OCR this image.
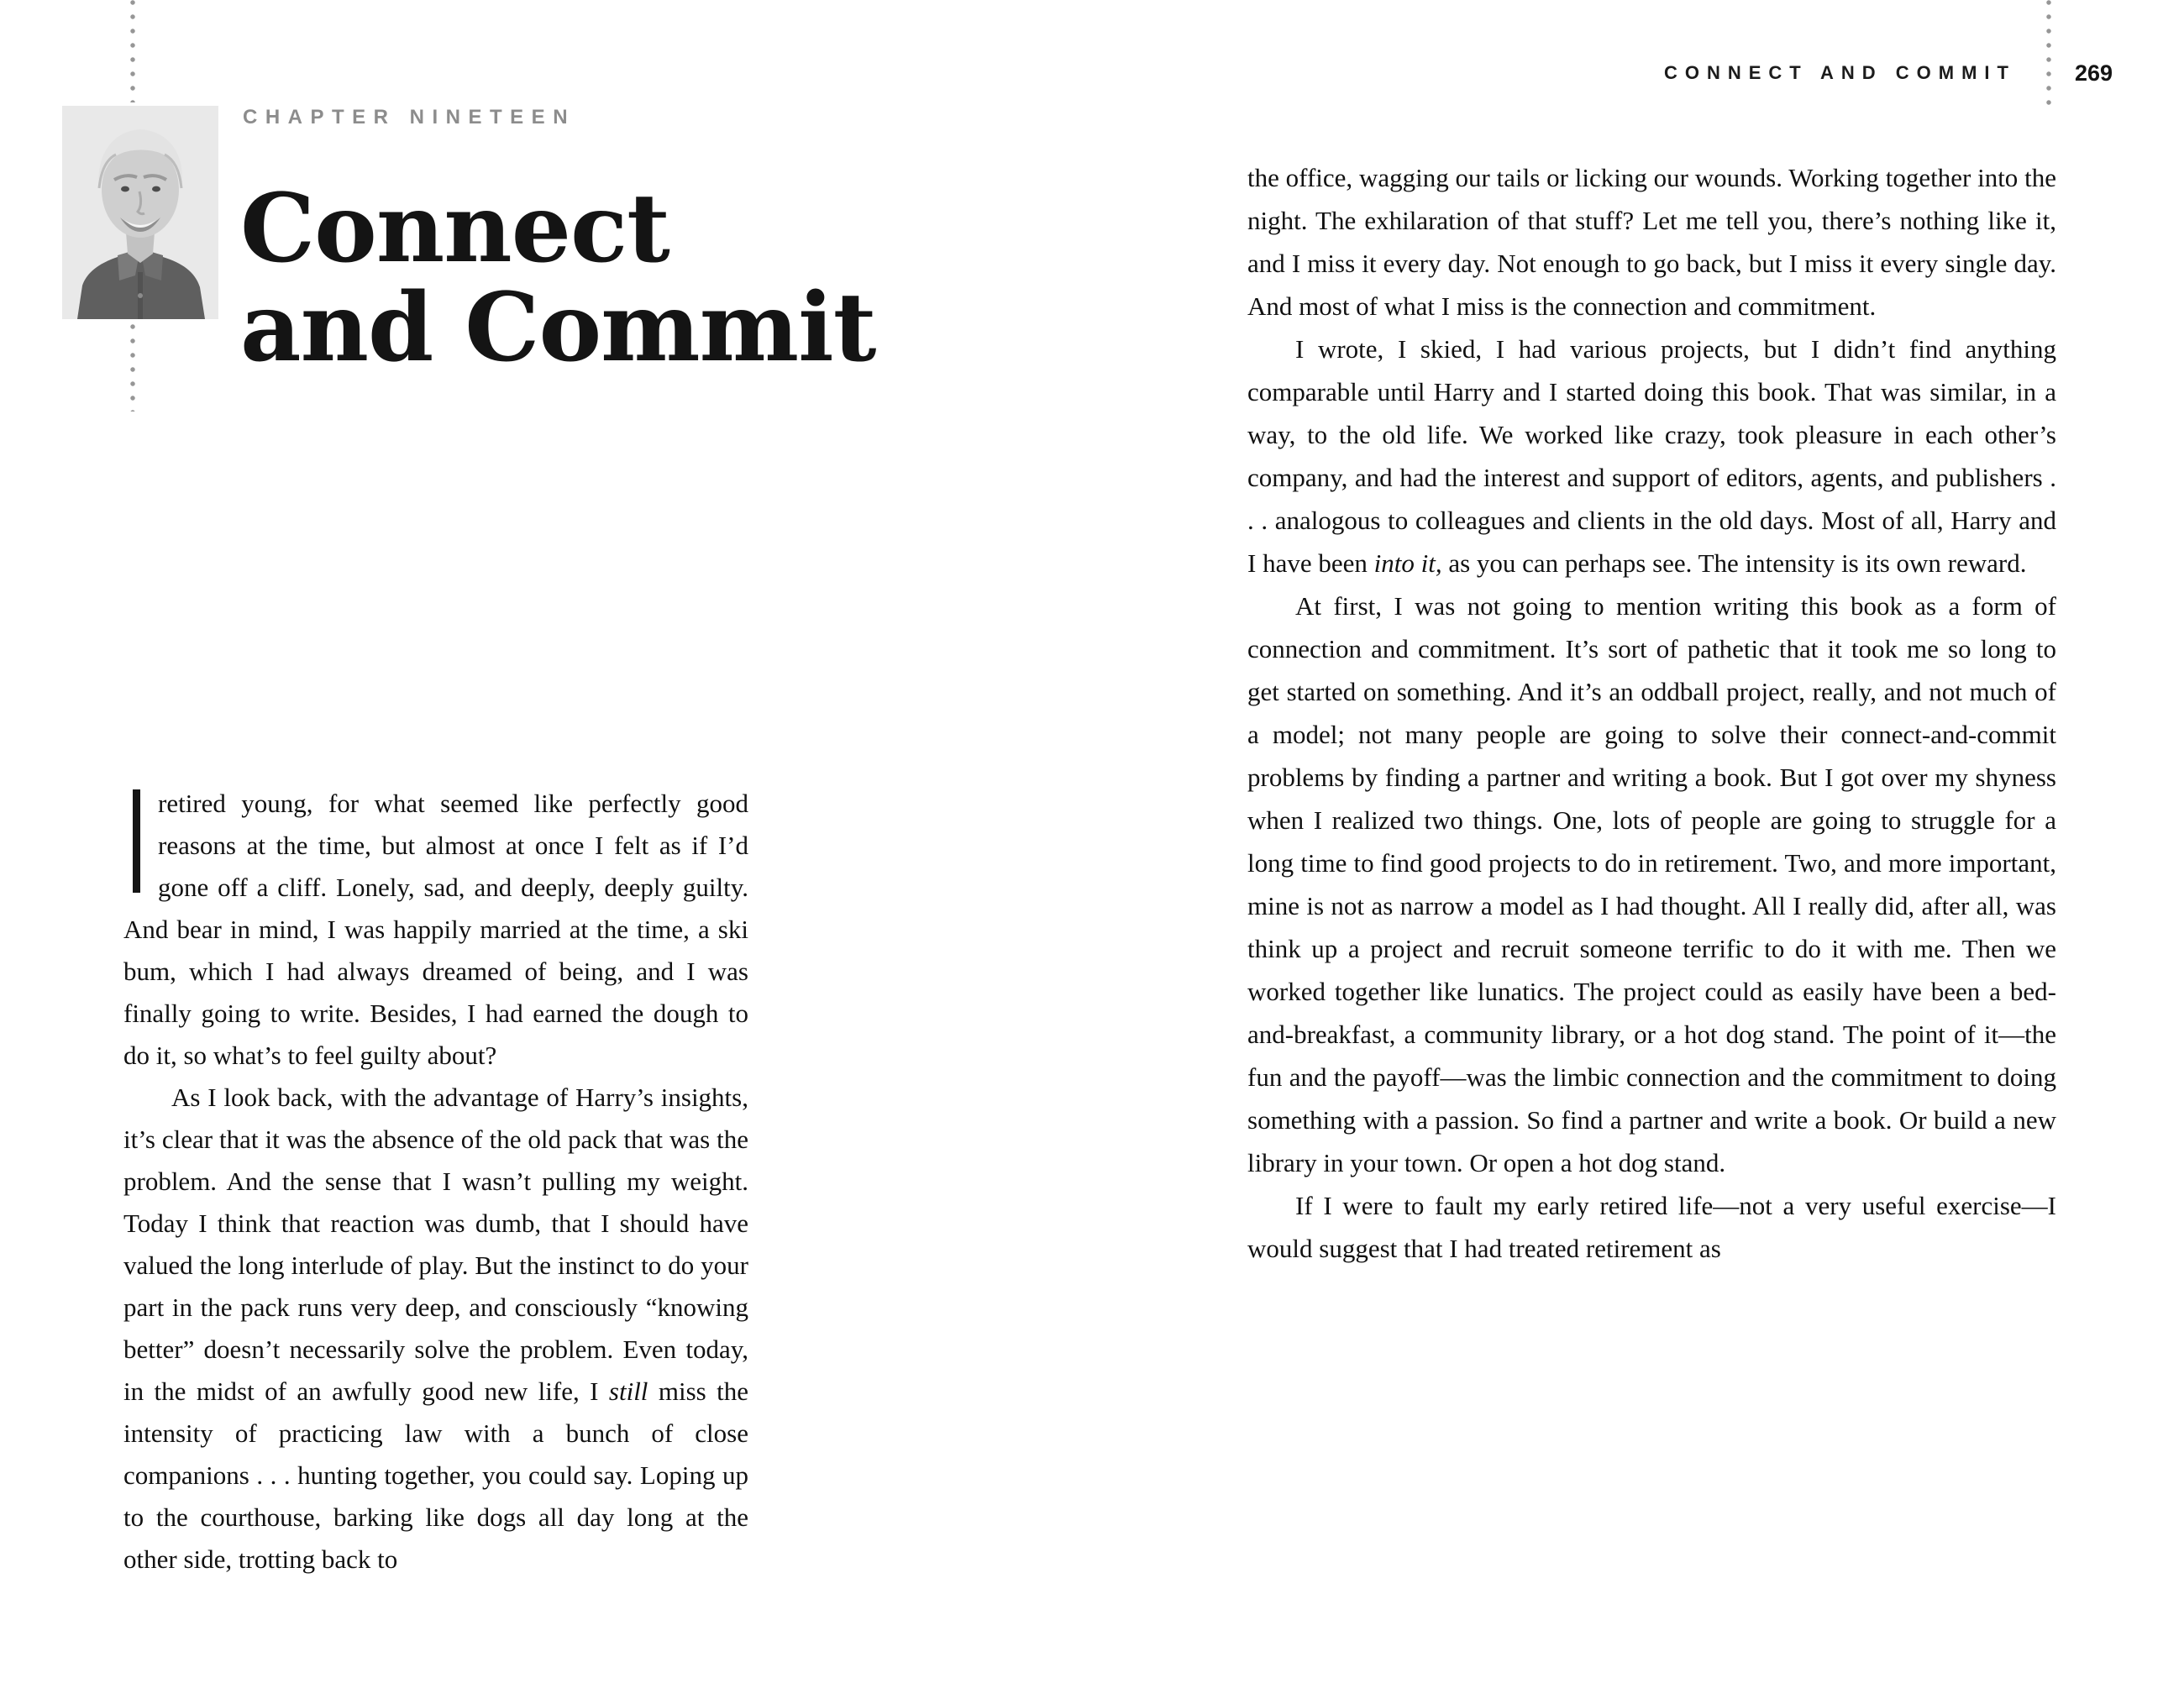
CHAPTER NINETEEN
Connect
and Commit

retired young, for what seemed like perfectly good reasons at the time, but almost at once I felt as if I’d gone off a cliff. Lonely, sad, and deeply, deeply guilty. And bear in mind, I was happily married at the time, a ski bum, which I had always dreamed of being, and I was finally going to write. Besides, I had earned the dough to do it, so what’s to feel guilty about?

As I look back, with the advantage of Harry’s insights, it’s clear that it was the absence of the old pack that was the problem. And the sense that I wasn’t pulling my weight. Today I think that reaction was dumb, that I should have valued the long interlude of play. But the instinct to do your part in the pack runs very deep, and consciously “knowing better” doesn’t necessarily solve the problem. Even today, in the midst of an awfully good new life, I still miss the intensity of practicing law with a bunch of close companions . . . hunting together, you could say. Loping up to the courthouse, barking like dogs all day long at the other side, trotting back to

CONNECT AND COMMIT	269

the office, wagging our tails or licking our wounds. Working together into the night. The exhilaration of that stuff? Let me tell you, there’s nothing like it, and I miss it every day. Not enough to go back, but I miss it every single day. And most of what I miss is the connection and commitment.

I wrote, I skied, I had various projects, but I didn’t find anything comparable until Harry and I started doing this book. That was similar, in a way, to the old life. We worked like crazy, took pleasure in each other’s company, and had the interest and support of editors, agents, and publishers . . . analogous to colleagues and clients in the old days. Most of all, Harry and I have been into it, as you can perhaps see. The intensity is its own reward.

At first, I was not going to mention writing this book as a form of connection and commitment. It’s sort of pathetic that it took me so long to get started on something. And it’s an oddball project, really, and not much of a model; not many people are going to solve their connect-and-commit problems by finding a partner and writing a book. But I got over my shyness when I realized two things. One, lots of people are going to struggle for a long time to find good projects to do in retirement. Two, and more important, mine is not as narrow a model as I had thought. All I really did, after all, was think up a project and recruit someone terrific to do it with me. Then we worked together like lunatics. The project could as easily have been a bed-and-breakfast, a community library, or a hot dog stand. The point of it—the fun and the payoff—was the limbic connection and the commitment to doing something with a passion. So find a partner and write a book. Or build a new library in your town. Or open a hot dog stand.

If I were to fault my early retired life—not a very useful exercise—I would suggest that I had treated retirement as
